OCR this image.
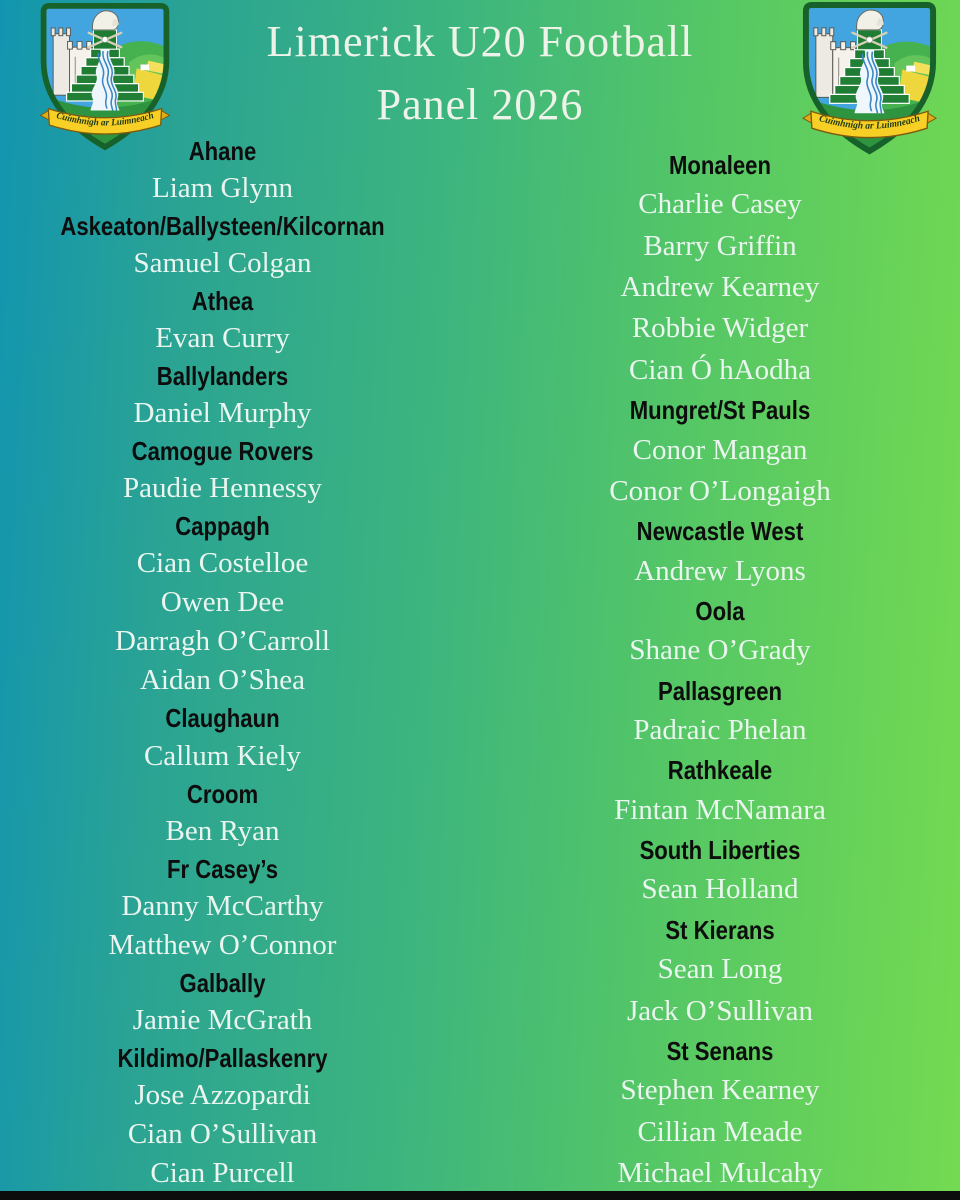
Limerick U20 Football
Panel 2026
Ahane
Liam Glynn
Askeaton/Ballysteen/Kilcornan
Samuel Colgan
Athea
Evan Curry
Ballylanders
Daniel Murphy
Camogue Rovers
Paudie Hennessy
Cappagh
Cian Costelloe
Owen Dee
Darragh O’Carroll
Aidan O’Shea
Claughaun
Callum Kiely
Croom
Ben Ryan
Fr Casey’s
Danny McCarthy
Matthew O’Connor
Galbally
Jamie McGrath
Kildimo/Pallaskenry
Jose Azzopardi
Cian O’Sullivan
Cian Purcell
Monaleen
Charlie Casey
Barry Griffin
Andrew Kearney
Robbie Widger
Cian Ó hAodha
Mungret/St Pauls
Conor Mangan
Conor O’Longaigh
Newcastle West
Andrew Lyons
Oola
Shane O’Grady
Pallasgreen
Padraic Phelan
Rathkeale
Fintan McNamara
South Liberties
Sean Holland
St Kierans
Sean Long
Jack O’Sullivan
St Senans
Stephen Kearney
Cillian Meade
Michael Mulcahy
